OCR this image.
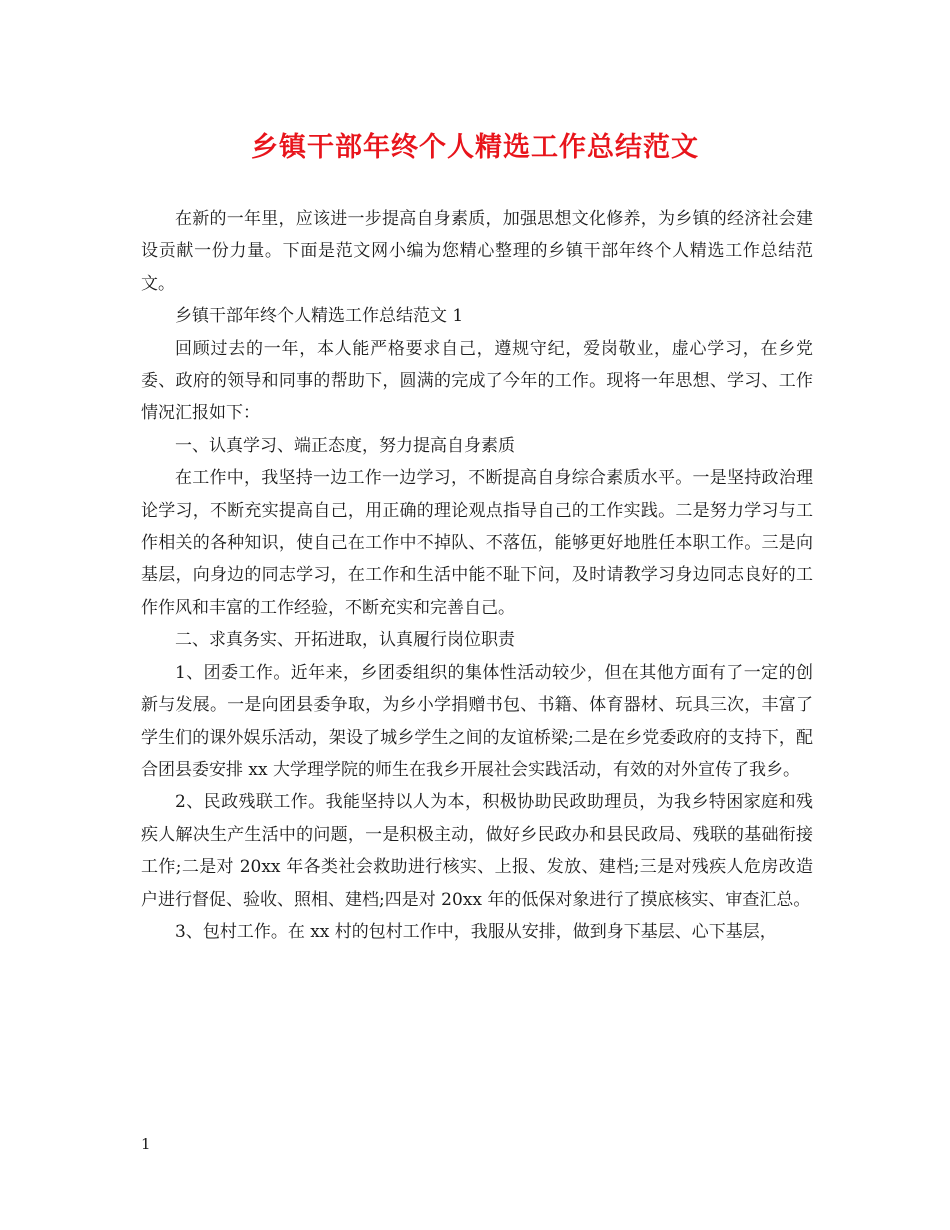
乡镇干部年终个人精选工作总结范文

在新的一年里，应该进一步提高自身素质，加强思想文化修养，为乡镇的经济社会建设贡献一份力量。下面是范文网小编为您精心整理的乡镇干部年终个人精选工作总结范文。

乡镇干部年终个人精选工作总结范文 1

回顾过去的一年，本人能严格要求自己，遵规守纪，爱岗敬业，虚心学习，在乡党委、政府的领导和同事的帮助下，圆满的完成了今年的工作。现将一年思想、学习、工作情况汇报如下：

一、认真学习、端正态度，努力提高自身素质

在工作中，我坚持一边工作一边学习，不断提高自身综合素质水平。一是坚持政治理论学习，不断充实提高自己，用正确的理论观点指导自己的工作实践。二是努力学习与工作相关的各种知识，使自己在工作中不掉队、不落伍，能够更好地胜任本职工作。三是向基层，向身边的同志学习，在工作和生活中能不耻下问，及时请教学习身边同志良好的工作作风和丰富的工作经验，不断充实和完善自己。

二、求真务实、开拓进取，认真履行岗位职责

1、团委工作。近年来，乡团委组织的集体性活动较少，但在其他方面有了一定的创新与发展。一是向团县委争取，为乡小学捐赠书包、书籍、体育器材、玩具三次，丰富了学生们的课外娱乐活动，架设了城乡学生之间的友谊桥梁;二是在乡党委政府的支持下，配合团县委安排 xx 大学理学院的师生在我乡开展社会实践活动，有效的对外宣传了我乡。

2、民政残联工作。我能坚持以人为本，积极协助民政助理员，为我乡特困家庭和残疾人解决生产生活中的问题，一是积极主动，做好乡民政办和县民政局、残联的基础衔接工作;二是对 20xx 年各类社会救助进行核实、上报、发放、建档;三是对残疾人危房改造户进行督促、验收、照相、建档;四是对 20xx 年的低保对象进行了摸底核实、审查汇总。

3、包村工作。在 xx 村的包村工作中，我服从安排，做到身下基层、心下基层，

1
